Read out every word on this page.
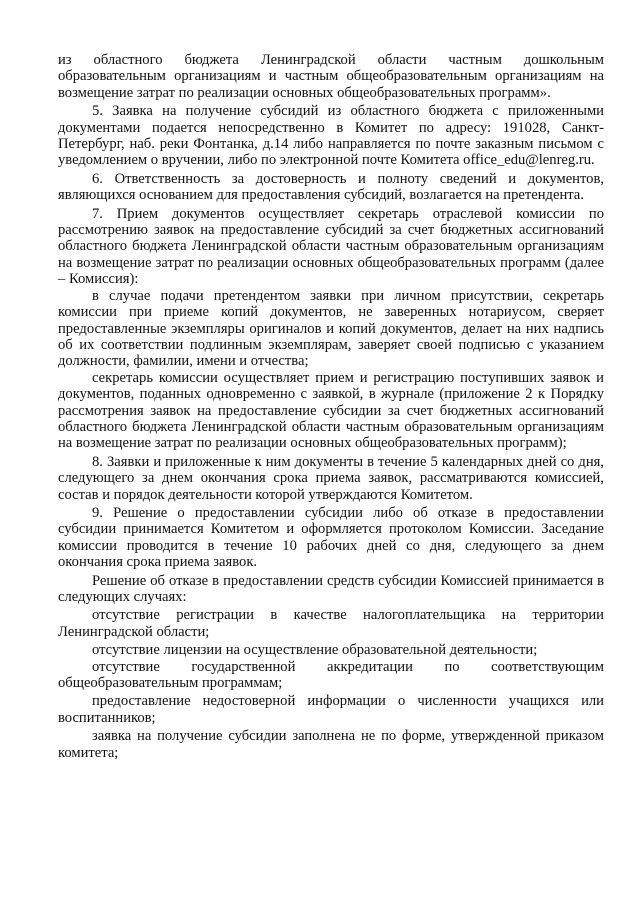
из областного бюджета Ленинградской области частным дошкольным образовательным организациям и частным общеобразовательным организациям на возмещение затрат по реализации основных общеобразовательных программ».

5. Заявка на получение субсидий из областного бюджета с приложенными документами подается непосредственно в Комитет по адресу: 191028, Санкт-Петербург, наб. реки Фонтанка, д.14 либо направляется по почте заказным письмом с уведомлением о вручении, либо по электронной почте Комитета office_edu@lenreg.ru.

6. Ответственность за достоверность и полноту сведений и документов, являющихся основанием для предоставления субсидий, возлагается на претендента.

7. Прием документов осуществляет секретарь отраслевой комиссии по рассмотрению заявок на предоставление субсидий за счет бюджетных ассигнований областного бюджета Ленинградской области частным образовательным организациям на возмещение затрат по реализации основных общеобразовательных программ (далее – Комиссия):

в случае подачи претендентом заявки при личном присутствии, секретарь комиссии при приеме копий документов, не заверенных нотариусом, сверяет предоставленные экземпляры оригиналов и копий документов, делает на них надпись об их соответствии подлинным экземплярам, заверяет своей подписью с указанием должности, фамилии, имени и отчества;

секретарь комиссии осуществляет прием и регистрацию поступивших заявок и документов, поданных одновременно с заявкой, в журнале (приложение 2 к Порядку рассмотрения заявок на предоставление субсидии за счет бюджетных ассигнований областного бюджета Ленинградской области частным образовательным организациям на возмещение затрат по реализации основных общеобразовательных программ);

8. Заявки и приложенные к ним документы в течение 5 календарных дней со дня, следующего за днем окончания срока приема заявок, рассматриваются комиссией, состав и порядок деятельности которой утверждаются Комитетом.

9. Решение о предоставлении субсидии либо об отказе в предоставлении субсидии принимается Комитетом и оформляется протоколом Комиссии. Заседание комиссии проводится в течение 10 рабочих дней со дня, следующего за днем окончания срока приема заявок.

Решение об отказе в предоставлении средств субсидии Комиссией принимается в следующих случаях:

отсутствие регистрации в качестве налогоплательщика на территории Ленинградской области;

отсутствие лицензии на осуществление образовательной деятельности;

отсутствие государственной аккредитации по соответствующим общеобразовательным программам;

предоставление недостоверной информации о численности учащихся или воспитанников;

заявка на получение субсидии заполнена не по форме, утвержденной приказом комитета;
